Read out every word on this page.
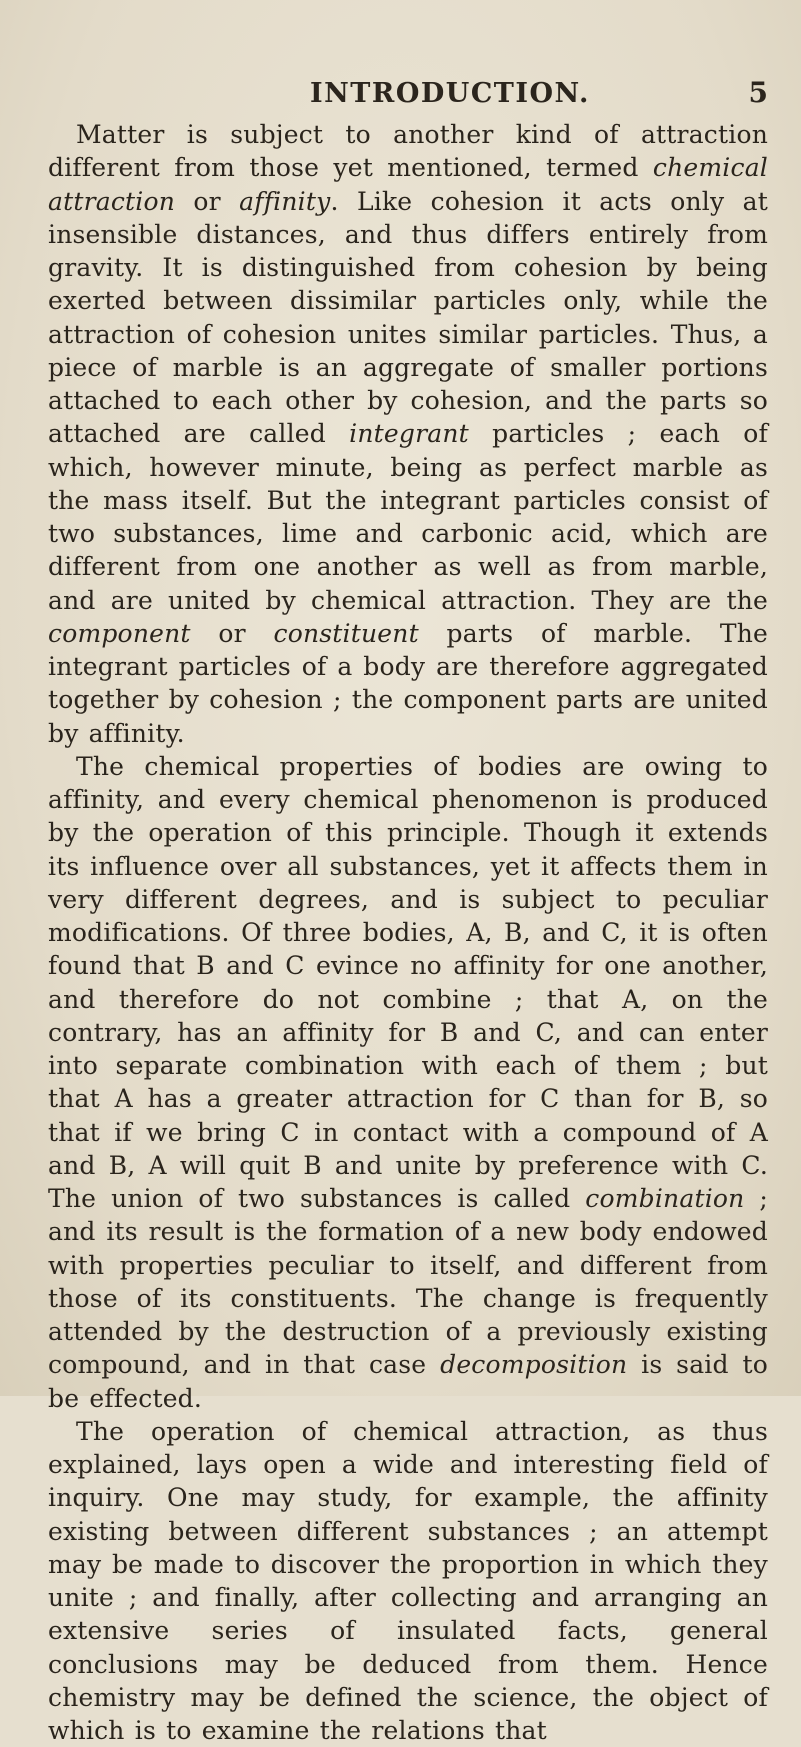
INTRODUCTION.	5

Matter is subject to another kind of attraction different from those yet mentioned, termed chemical attraction or affinity. Like cohesion it acts only at insensible distances, and thus differs entirely from gravity. It is distinguished from cohesion by being exerted between dissimilar particles only, while the attraction of cohesion unites similar particles. Thus, a piece of marble is an aggregate of smaller portions attached to each other by cohesion, and the parts so attached are called integrant particles ; each of which, however minute, being as perfect marble as the mass itself. But the integrant particles consist of two substances, lime and carbonic acid, which are different from one another as well as from marble, and are united by chemical attraction. They are the component or constituent parts of marble. The integrant particles of a body are therefore aggregated together by cohesion ; the component parts are united by affinity.

The chemical properties of bodies are owing to affinity, and every chemical phenomenon is produced by the operation of this principle. Though it extends its influence over all substances, yet it affects them in very different degrees, and is subject to peculiar modifications. Of three bodies, A, B, and C, it is often found that B and C evince no affinity for one another, and therefore do not combine ; that A, on the contrary, has an affinity for B and C, and can enter into separate combination with each of them ; but that A has a greater attraction for C than for B, so that if we bring C in contact with a compound of A and B, A will quit B and unite by preference with C. The union of two substances is called combination ; and its result is the formation of a new body endowed with properties peculiar to itself, and different from those of its constituents. The change is frequently attended by the destruction of a previously existing compound, and in that case decomposition is said to be effected.

The operation of chemical attraction, as thus explained, lays open a wide and interesting field of inquiry. One may study, for example, the affinity existing between different substances ; an attempt may be made to discover the proportion in which they unite ; and finally, after collecting and arranging an extensive series of insulated facts, general conclusions may be deduced from them. Hence chemistry may be defined the science, the object of which is to examine the relations that
